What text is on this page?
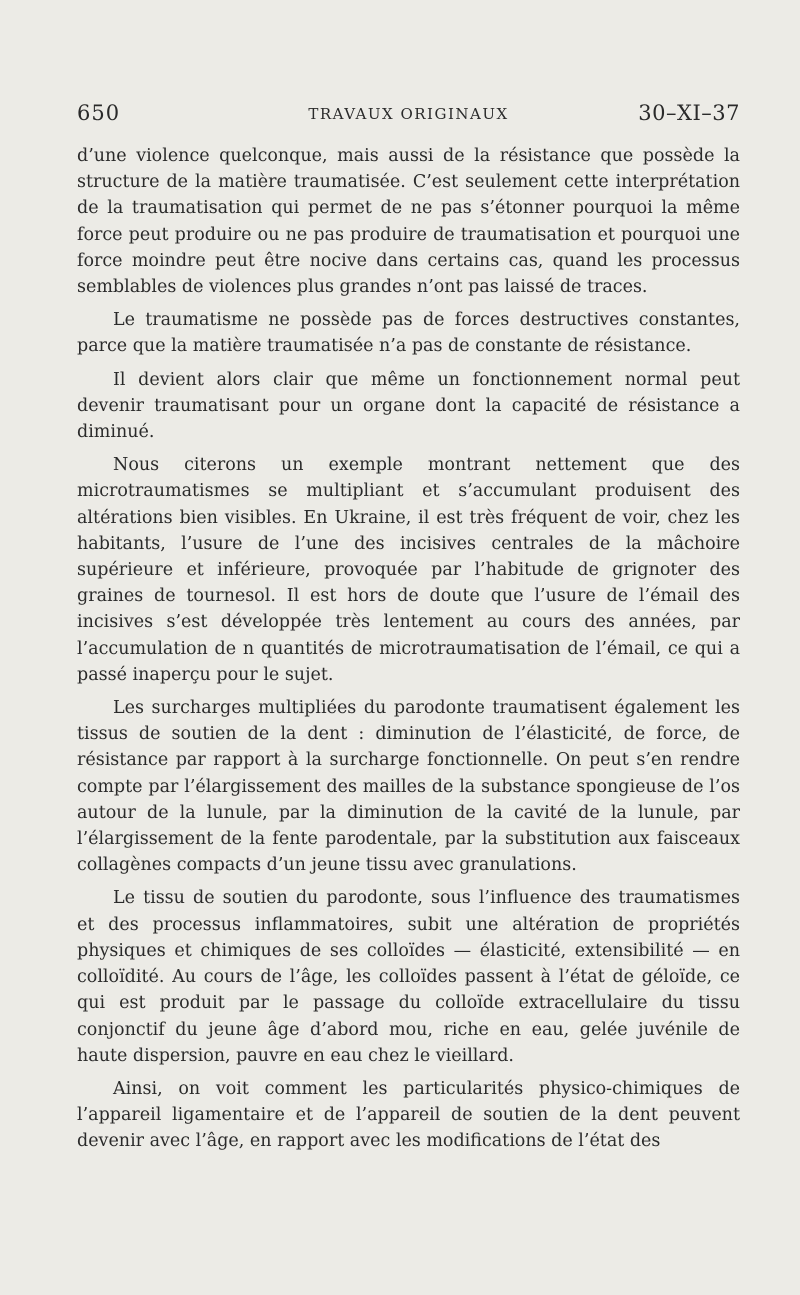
650	TRAVAUX ORIGINAUX	30–XI–37

d’une violence quelconque, mais aussi de la résistance que possède la structure de la matière traumatisée. C’est seulement cette interprétation de la traumatisation qui permet de ne pas s’étonner pourquoi la même force peut produire ou ne pas produire de traumatisation et pourquoi une force moindre peut être nocive dans certains cas, quand les processus semblables de violences plus grandes n’ont pas laissé de traces.

Le traumatisme ne possède pas de forces destructives constantes, parce que la matière traumatisée n’a pas de constante de résistance.

Il devient alors clair que même un fonctionnement normal peut devenir traumatisant pour un organe dont la capacité de résistance a diminué.

Nous citerons un exemple montrant nettement que des microtraumatismes se multipliant et s’accumulant produisent des altérations bien visibles. En Ukraine, il est très fréquent de voir, chez les habitants, l’usure de l’une des incisives centrales de la mâchoire supérieure et inférieure, provoquée par l’habitude de grignoter des graines de tournesol. Il est hors de doute que l’usure de l’émail des incisives s’est développée très lentement au cours des années, par l’accumulation de n quantités de microtraumatisation de l’émail, ce qui a passé inaperçu pour le sujet.

Les surcharges multipliées du parodonte traumatisent également les tissus de soutien de la dent : diminution de l’élasticité, de force, de résistance par rapport à la surcharge fonctionnelle. On peut s’en rendre compte par l’élargissement des mailles de la substance spongieuse de l’os autour de la lunule, par la diminution de la cavité de la lunule, par l’élargissement de la fente parodentale, par la substitution aux faisceaux collagènes compacts d’un jeune tissu avec granulations.

Le tissu de soutien du parodonte, sous l’influence des traumatismes et des processus inflammatoires, subit une altération de propriétés physiques et chimiques de ses colloïdes — élasticité, extensibilité — en colloïdité. Au cours de l’âge, les colloïdes passent à l’état de géloïde, ce qui est produit par le passage du colloïde extracellulaire du tissu conjonctif du jeune âge d’abord mou, riche en eau, gelée juvénile de haute dispersion, pauvre en eau chez le vieillard.

Ainsi, on voit comment les particularités physico-chimiques de l’appareil ligamentaire et de l’appareil de soutien de la dent peuvent devenir avec l’âge, en rapport avec les modifications de l’état des
